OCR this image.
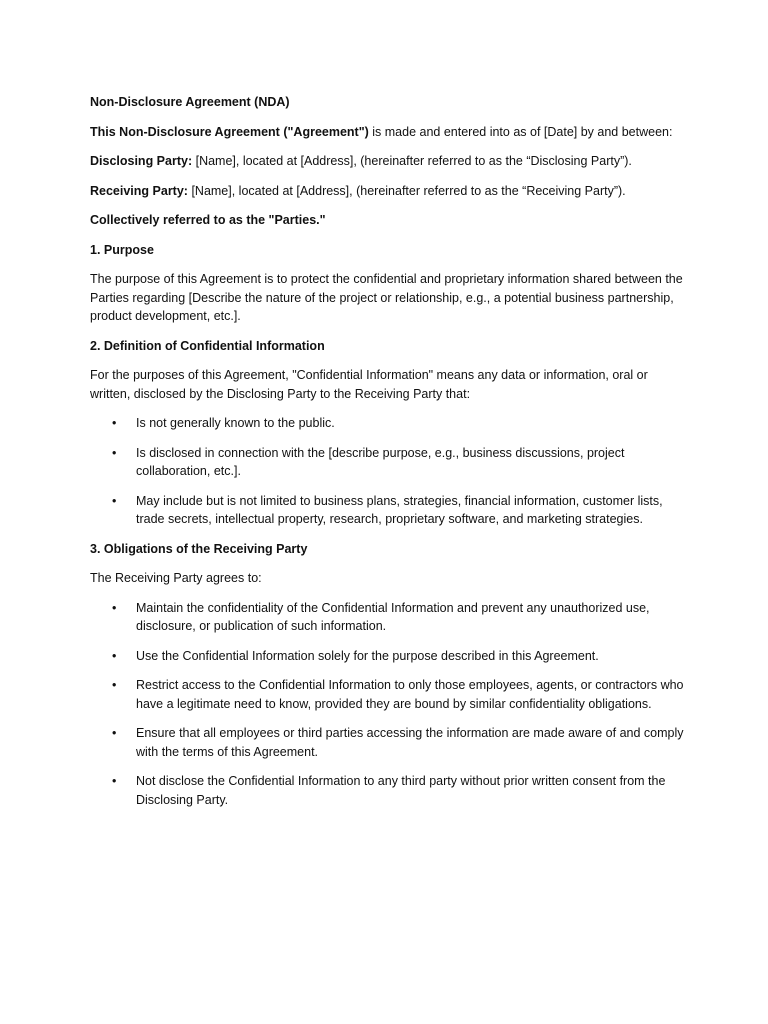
Non-Disclosure Agreement (NDA)

This Non-Disclosure Agreement ("Agreement") is made and entered into as of [Date] by and between:

Disclosing Party: [Name], located at [Address], (hereinafter referred to as the “Disclosing Party”).

Receiving Party: [Name], located at [Address], (hereinafter referred to as the “Receiving Party”).

Collectively referred to as the "Parties."

1. Purpose

The purpose of this Agreement is to protect the confidential and proprietary information shared between the Parties regarding [Describe the nature of the project or relationship, e.g., a potential business partnership, product development, etc.].

2. Definition of Confidential Information

For the purposes of this Agreement, "Confidential Information" means any data or information, oral or written, disclosed by the Disclosing Party to the Receiving Party that:

• Is not generally known to the public.
• Is disclosed in connection with the [describe purpose, e.g., business discussions, project collaboration, etc.].
• May include but is not limited to business plans, strategies, financial information, customer lists, trade secrets, intellectual property, research, proprietary software, and marketing strategies.

3. Obligations of the Receiving Party

The Receiving Party agrees to:

• Maintain the confidentiality of the Confidential Information and prevent any unauthorized use, disclosure, or publication of such information.
• Use the Confidential Information solely for the purpose described in this Agreement.
• Restrict access to the Confidential Information to only those employees, agents, or contractors who have a legitimate need to know, provided they are bound by similar confidentiality obligations.
• Ensure that all employees or third parties accessing the information are made aware of and comply with the terms of this Agreement.
• Not disclose the Confidential Information to any third party without prior written consent from the Disclosing Party.
